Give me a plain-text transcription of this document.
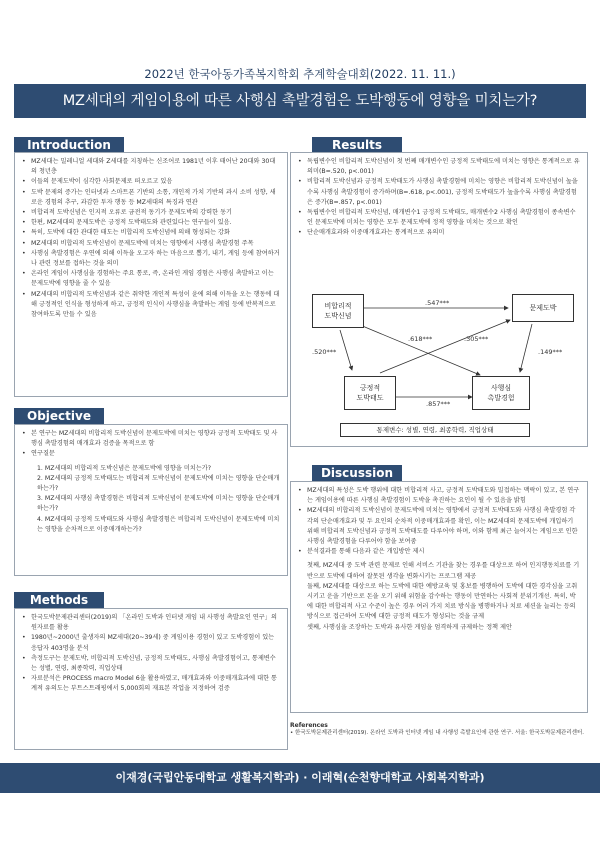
2022년 한국아동가족복지학회 추계학술대회(2022. 11. 11.)
MZ세대의 게임이용에 따른 사행심 촉발경험은 도박행동에 영향을 미치는가?
Introduction
• MZ세대는 밀레니얼 세대와 Z세대를 지칭하는 신조어로 1981년 이후 태어난 20대와 30대의 청년층
• 이들의 문제도박이 심각한 사회문제로 떠오르고 있음
• 도박 문제의 증가는 인터넷과 스마트폰 기반의 소통, 개인적 가치 기반의 과시 소비 성향, 새로운 경험의 추구, 과감한 투자 행동 등 MZ세대의 특징과 연관
• 비합리적 도박신념은 인지적 오류로 금전적 동기가 문제도박의 강력한 동기
• 한편, MZ세대의 문제도박은 긍정적 도박태도와 관련있다는 연구들이 있음.
• 특히, 도박에 대한 관대한 태도는 비합리적 도박신념에 의해 형성되는 강화
• MZ세대의 비합리적 도박신념이 문제도박에 미치는 영향에서 사행심 촉발경험 주목
• 사행심 촉발경험은 우연에 의해 이득을 오고자 하는 마음으로 뽑기, 내기, 게임 등에 참여하거나 관련 정보를 접하는 것을 의미
• 온라인 게임이 사행심을 경험하는 주요 통로, 즉, 온라인 게임 경험은 사행심 촉발하고 이는 문제도박에 영향을 줄 수 있음
• MZ세대의 비합리적 도박신념과 같은 취약한 개인적 특성이 윤에 의해 이득을 오는 행동에 대해 긍정적인 인식을 형성하게 하고, 긍정적 인식이 사행심을 촉발하는 게임 등에 반복적으로 참여하도록 만들 수 있음
Objective
• 본 연구는 MZ세대의 비합리적 도박신념이 문제도박에 미치는 영향과 긍정적 도박태도 및 사행심 촉발경험의 매개효과 검증을 목적으로 함
• 연구질문
1. MZ세대의 비합리적 도박신념은 문제도박에 영향을 미치는가?
2. MZ세대의 긍정적 도박태도는 비합리적 도박신념이 문제도박에 미치는 영향을 단순매개하는가?
3. MZ세대의 사행심 촉발경험은 비합리적 도박신념이 문제도박에 미치는 영향을 단순매개하는가?
4. MZ세대의 긍정적 도박태도와 사행심 촉발경험은 비합리적 도박신념이 문제도박에 미치는 영향을 순차적으로 이중매개하는가?
Methods
• 한국도박문제관리센터(2019)의 「온라인 도박과 인터넷 게임 내 사행성 촉발요인 연구」의 원자료를 활용
• 1980년~2000년 출생자의 MZ세대(20~39세) 중 게임이용 경험이 있고 도박경험이 있는 응답자 403명을 분석
• 측정도구는 문제도박, 비합리적 도박신념, 긍정적 도박태도, 사행심 촉발경험이고, 통제변수는 성별, 연령, 최종학력, 직업상태
• 자료분석은 PROCESS macro Model 6을 활용하였고, 매개효과와 이중매개효과에 대한 통계적 유의도는 부트스트래핑에서 5,000회의 재표본 작업을 지정하여 검증
Results
• 독립변수인 비합리적 도박신념이 첫 번째 매개변수인 긍정적 도박태도에 미치는 영향은 통계적으로 유의미(B=.520, p<.001)
• 비합리적 도박신념과 긍정적 도박태도가 사행심 촉발경험에 미치는 영향은 비합리적 도박신념이 높을수록 사행심 촉발경험이 증가하며(B=.618, p<.001), 긍정적 도박태도가 높을수록 사행심 촉발경험은 증가(B=.857, p<.001)
• 독립변수인 비합리적 도박신념, 매개변수1 긍정적 도박태도, 매개변수2 사행심 촉발경험이 종속변수인 문제도박에 미치는 영향은 모두 문제도박에 정적 영향을 미치는 것으로 확인
• 단순매개효과와 이중매개효과는 통계적으로 유의미
비합리적
도박신념
문제도박
긍정적
도박태도
사행심
촉발경험
.547***
.618***	.305***
.520***	.149***
.857***
통제변수: 성별, 연령, 최종학력, 직업상태
Discussion
• MZ세대의 특성은 도박 행위에 대한 비합리적 사고, 긍정적 도박태도와 밀접하는 맥락이 있고, 본 연구는 게임이용에 따른 사행심 촉발경험이 도박을 촉진하는 요인이 될 수 있음을 밝힘
• MZ세대의 비합리적 도박신념이 문제도박에 미치는 영향에서 긍정적 도박태도와 사행심 촉발경험 각각의 단순매개효과 및 두 요인의 순차적 이중매개효과를 확인, 이는 MZ세대의 문제도박에 개입하기 위해 비합리적 도박신념과 긍정적 도박태도를 다루어야 하며, 이와 함께 최근 늘어지는 게임으로 인한 사행심 촉발경험을 다루어야 함을 보여줌
• 분석결과를 통해 다음과 같은 개입방안 제시
첫째, MZ세대 중 도박 관련 문제로 인해 서비스 기관을 찾는 경우를 대상으로 하여 인지행동치료를 기반으로 도박에 대하여 잘못된 생각을 변화시키는 프로그램 제공
둘째, MZ세대를 대상으로 하는 도박에 대한 예방교육 및 홍보를 병행하여 도박에 대한 경각심을 고취시키고 운을 기반으로 돈을 오기 위해 위험을 감수하는 행동이 만연하는 사회적 분위기개선. 특히, 박에 대한 비합리적 사고 수준이 높은 경우 여러 가지 치료 방식을 병행하거나 치료 세션을 늘리는 등의 방식으로 접근하여 도박에 대한 긍정적 태도가 형성되는 것을 규제
셋째, 사행심을 조장하는 도박과 유사한 게임을 엄격하게 규제하는 정책 제안
References
• 한국도박문제관리센터(2019). 온라인 도박과 인터넷 게임 내 사행성 촉발요인에 관한 연구. 서울: 한국도박문제관리센터.
이재경(국립안동대학교 생활복지학과) · 이래혁(순천향대학교 사회복지학과)
